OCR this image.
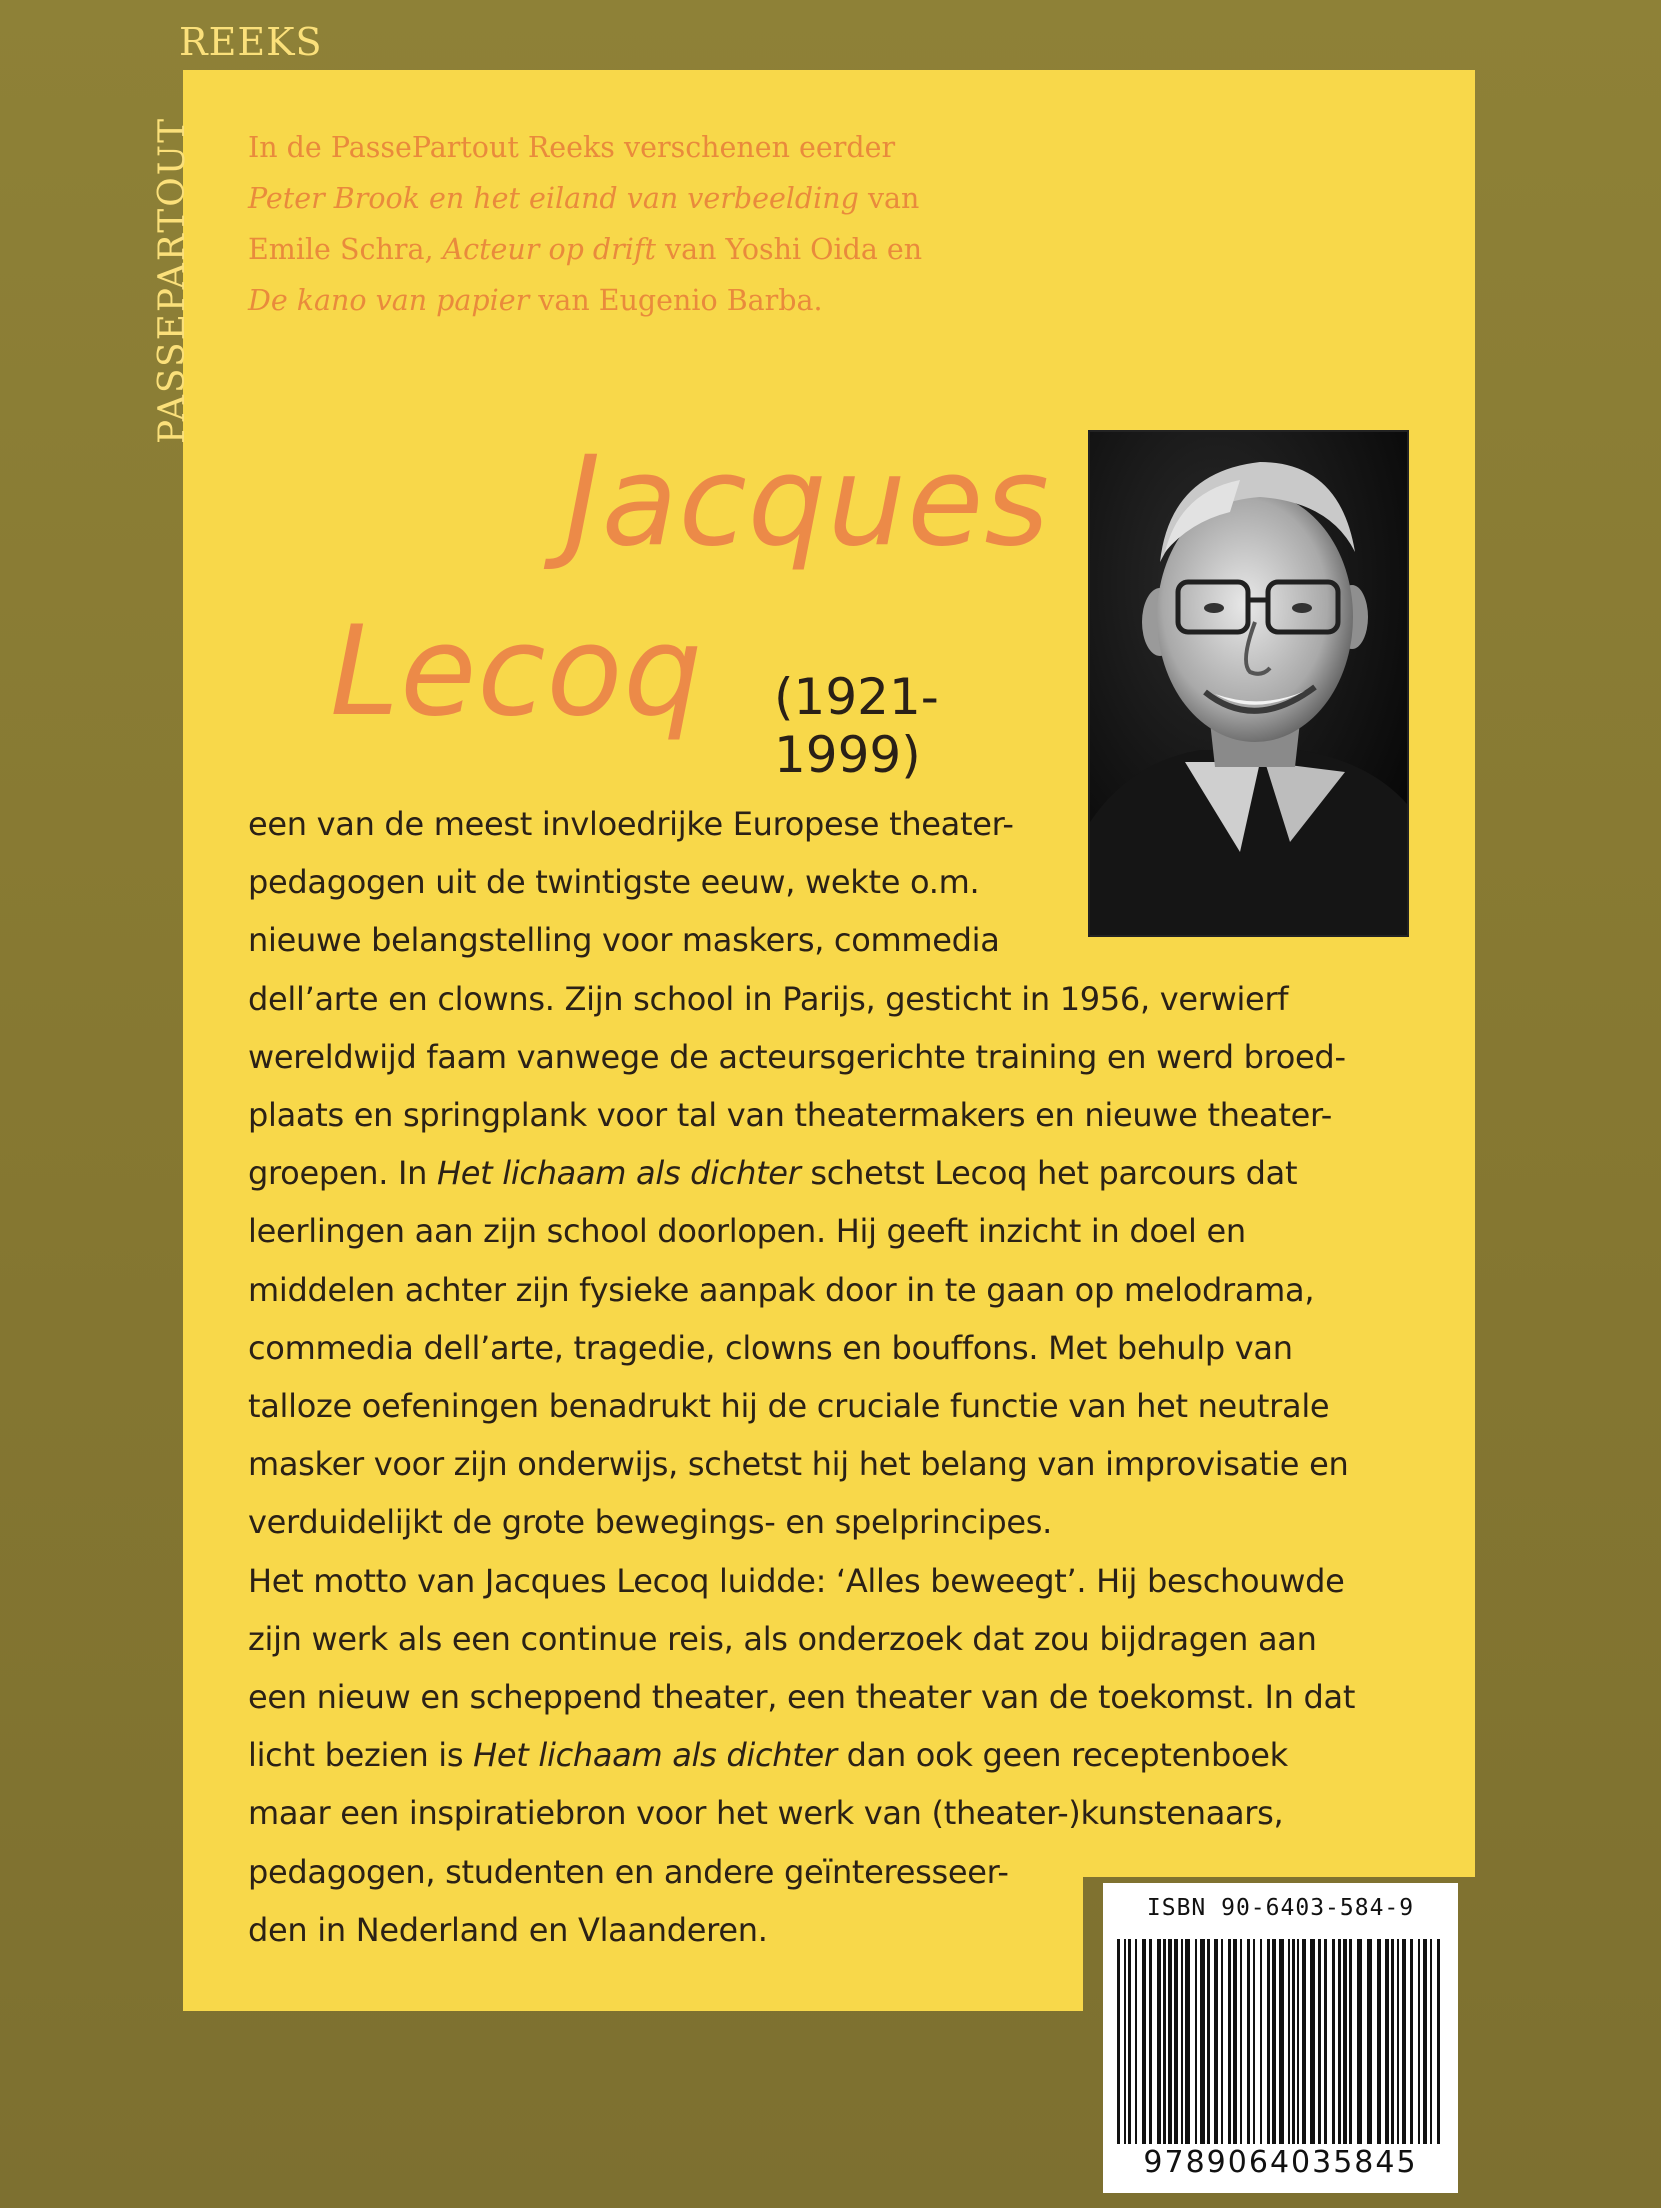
REEKS
PASSEPARTOUT In de PassePartout Reeks verschenen eerder
Peter Brook en het eiland van verbeelding van
Emile Schra, Acteur op drift van Yoshi Oida en
De kano van papier van Eugenio Barba.
Jacques
Lecoq (1921-1999)
een van de meest invloedrijke Europese theater-
pedagogen uit de twintigste eeuw, wekte o.m.
nieuwe belangstelling voor maskers, commedia
dell’arte en clowns. Zijn school in Parijs, gesticht in 1956, verwierf
wereldwijd faam vanwege de acteursgerichte training en werd broed-
plaats en springplank voor tal van theatermakers en nieuwe theater-
groepen. In Het lichaam als dichter schetst Lecoq het parcours dat
leerlingen aan zijn school doorlopen. Hij geeft inzicht in doel en
middelen achter zijn fysieke aanpak door in te gaan op melodrama,
commedia dell’arte, tragedie, clowns en bouffons. Met behulp van
talloze oefeningen benadrukt hij de cruciale functie van het neutrale
masker voor zijn onderwijs, schetst hij het belang van improvisatie en
verduidelijkt de grote bewegings- en spelprincipes.
Het motto van Jacques Lecoq luidde: ‘Alles beweegt’. Hij beschouwde
zijn werk als een continue reis, als onderzoek dat zou bijdragen aan
een nieuw en scheppend theater, een theater van de toekomst. In dat
licht bezien is Het lichaam als dichter dan ook geen receptenboek
maar een inspiratiebron voor het werk van (theater-)kunstenaars,
pedagogen, studenten en andere geïnteresseer-
den in Nederland en Vlaanderen.
ISBN 90-6403-584-9
9789064035845
